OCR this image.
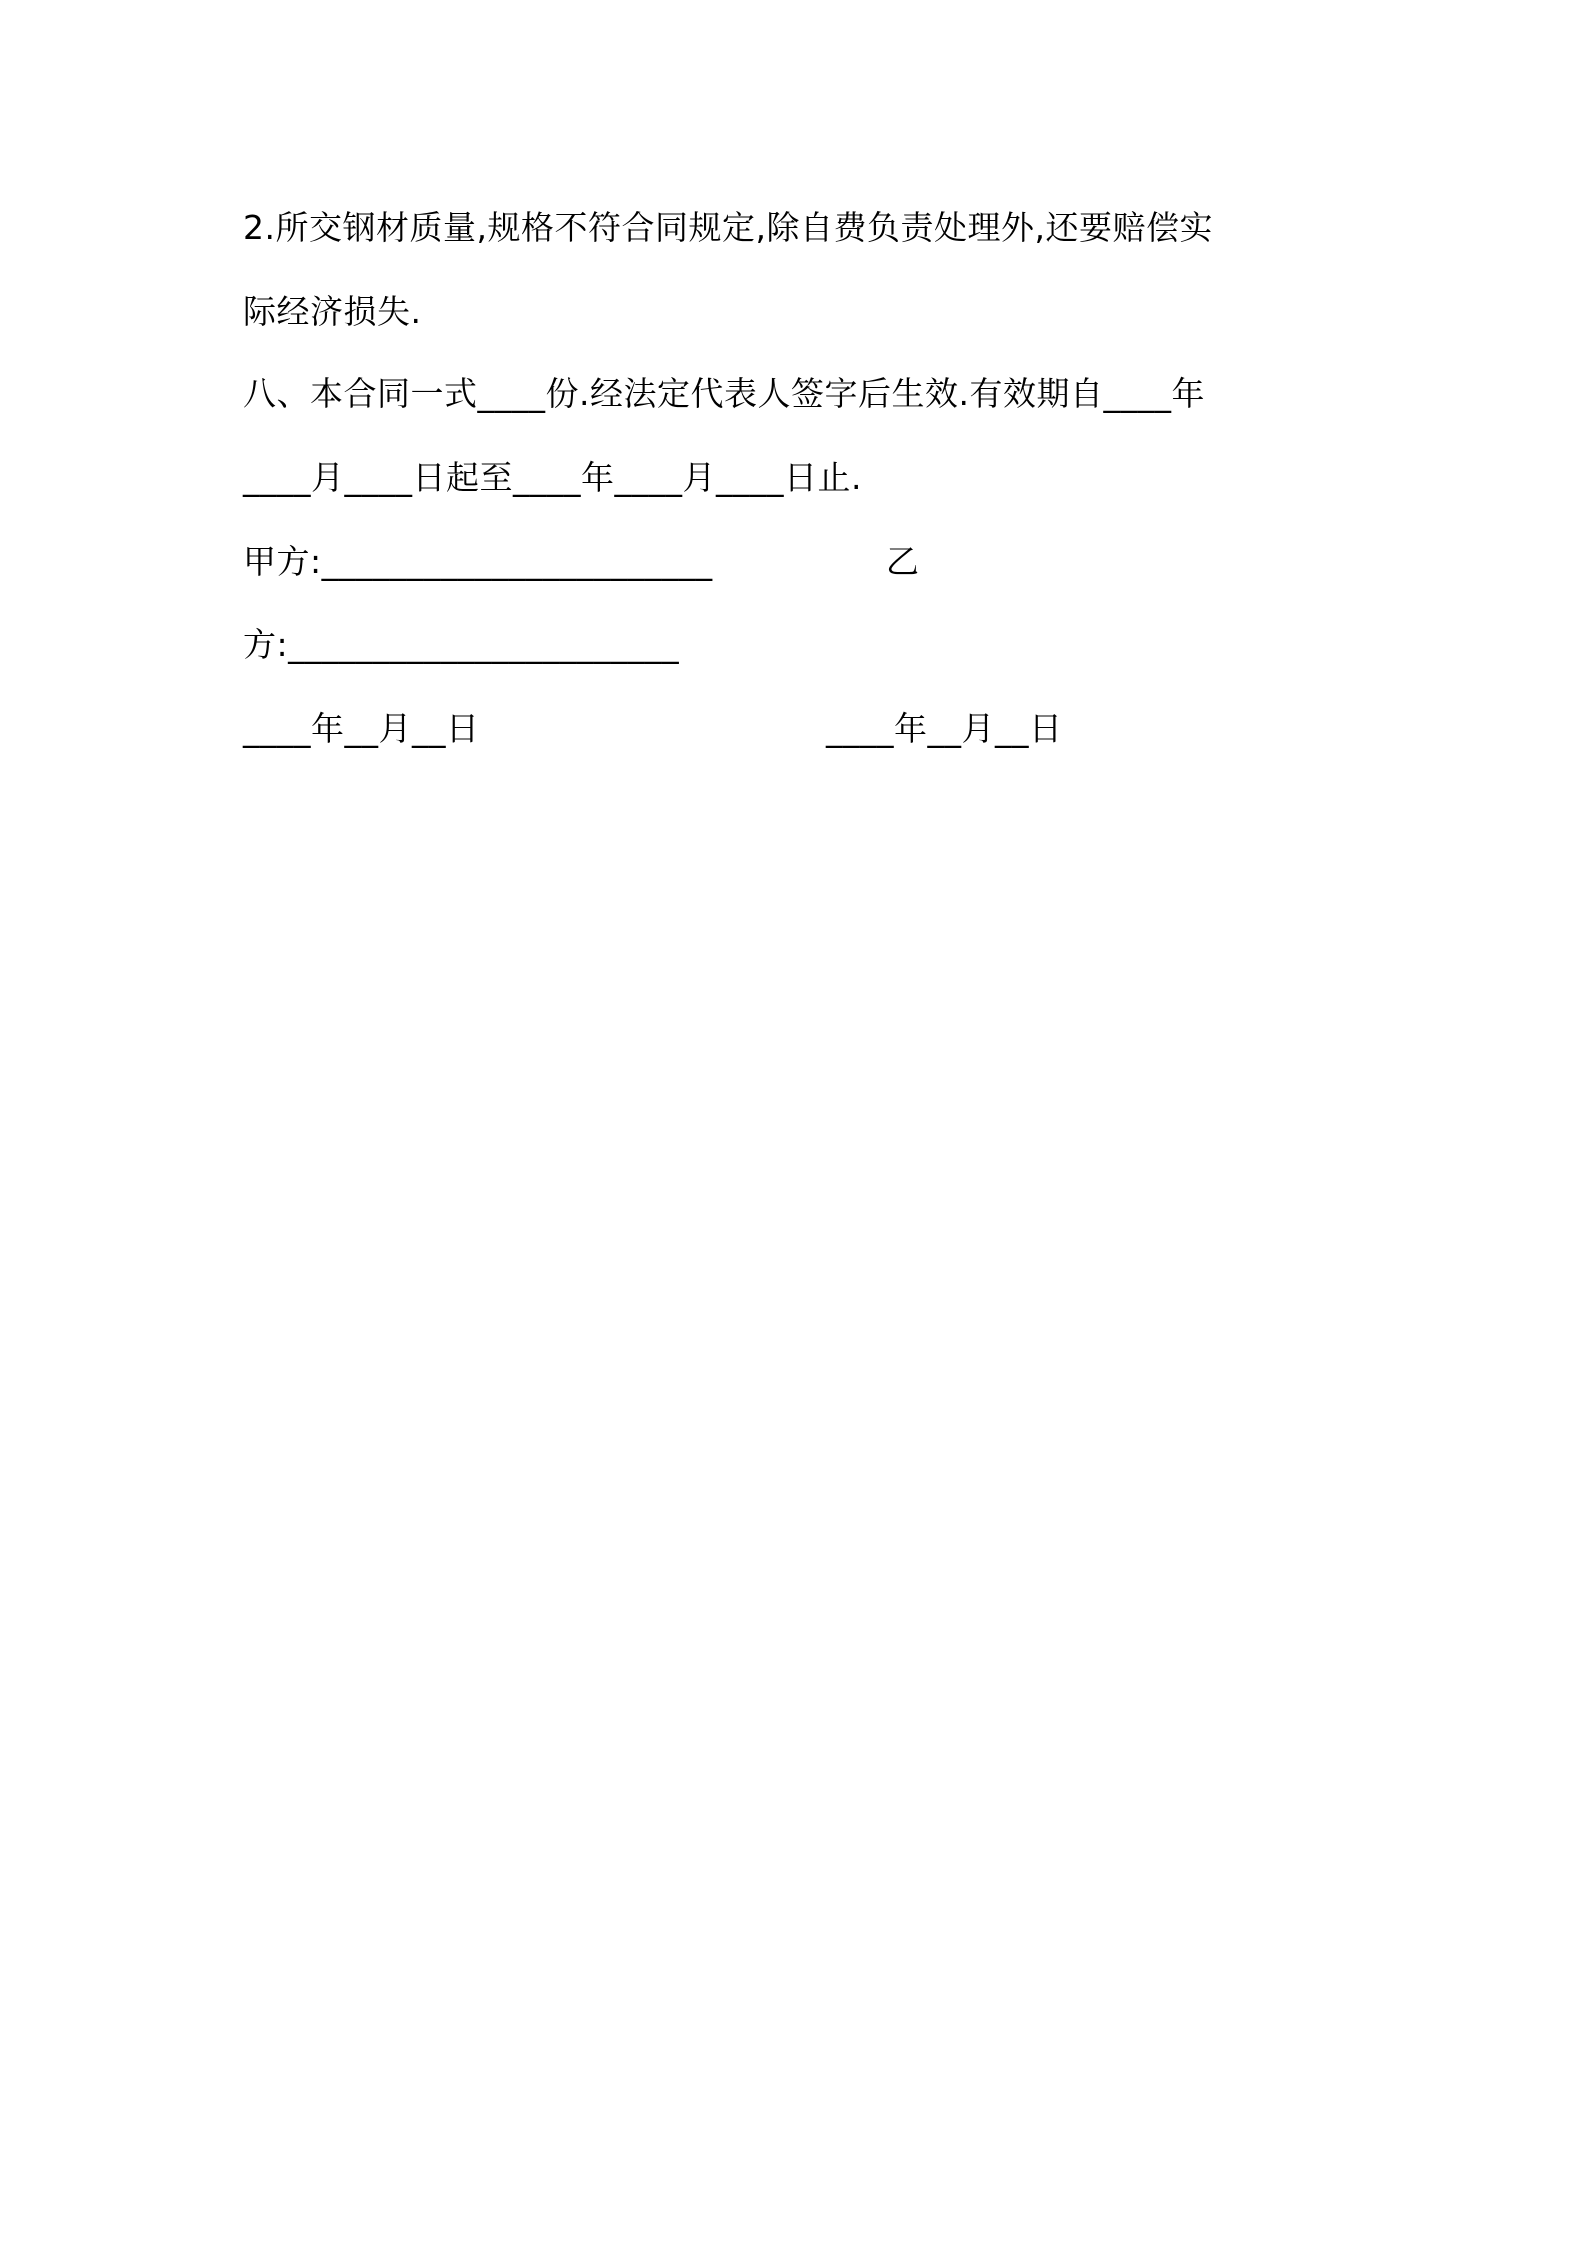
2.所交钢材质量,规格不符合同规定,除自费负责处理外,还要赔偿实
际经济损失.
八、本合同一式____份.经法定代表人签字后生效.有效期自____年
____月____日起至____年____月____日止.
甲方:_______________________	乙
方:_______________________
____年__月__日	____年__月__日
